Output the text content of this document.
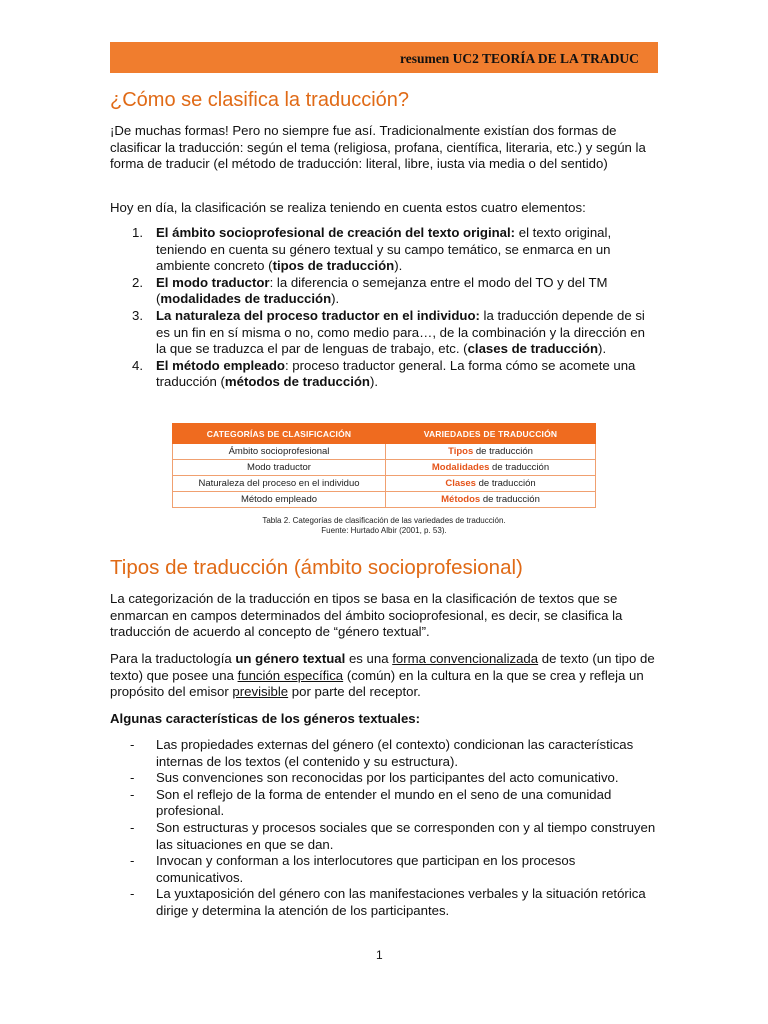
resumen UC2 TEORÍA DE LA TRADUC
¿Cómo se clasifica la traducción?

¡De muchas formas! Pero no siempre fue así. Tradicionalmente existían dos formas de clasificar la traducción: según el tema (religiosa, profana, científica, literaria, etc.) y según la forma de traducir (el método de traducción: literal, libre, iusta via media o del sentido)

Hoy en día, la clasificación se realiza teniendo en cuenta estos cuatro elementos:

1. El ámbito socioprofesional de creación del texto original: el texto original, teniendo en cuenta su género textual y su campo temático, se enmarca en un ambiente concreto (tipos de traducción).
2. El modo traductor: la diferencia o semejanza entre el modo del TO y del TM (modalidades de traducción).
3. La naturaleza del proceso traductor en el individuo: la traducción depende de si es un fin en sí misma o no, como medio para…, de la combinación y la dirección en la que se traduzca el par de lenguas de trabajo, etc. (clases de traducción).
4. El método empleado: proceso traductor general. La forma cómo se acomete una traducción (métodos de traducción).
CATEGORÍAS DE CLASIFICACIÓN	VARIEDADES DE TRADUCCIÓN
Ámbito socioprofesional	Tipos de traducción
Modo traductor	Modalidades de traducción
Naturaleza del proceso en el individuo	Clases de traducción
Método empleado	Métodos de traducción
Tabla 2. Categorías de clasificación de las variedades de traducción.
Fuente: Hurtado Albir (2001, p. 53).
Tipos de traducción (ámbito socioprofesional)

La categorización de la traducción en tipos se basa en la clasificación de textos que se enmarcan en campos determinados del ámbito socioprofesional, es decir, se clasifica la traducción de acuerdo al concepto de “género textual”.

Para la traductología un género textual es una forma convencionalizada de texto (un tipo de texto) que posee una función específica (común) en la cultura en la que se crea y refleja un propósito del emisor previsible por parte del receptor.

Algunas características de los géneros textuales:

- Las propiedades externas del género (el contexto) condicionan las características internas de los textos (el contenido y su estructura).
- Sus convenciones son reconocidas por los participantes del acto comunicativo.
- Son el reflejo de la forma de entender el mundo en el seno de una comunidad profesional.
- Son estructuras y procesos sociales que se corresponden con y al tiempo construyen las situaciones en que se dan.
- Invocan y conforman a los interlocutores que participan en los procesos comunicativos.
- La yuxtaposición del género con las manifestaciones verbales y la situación retórica dirige y determina la atención de los participantes.
1
